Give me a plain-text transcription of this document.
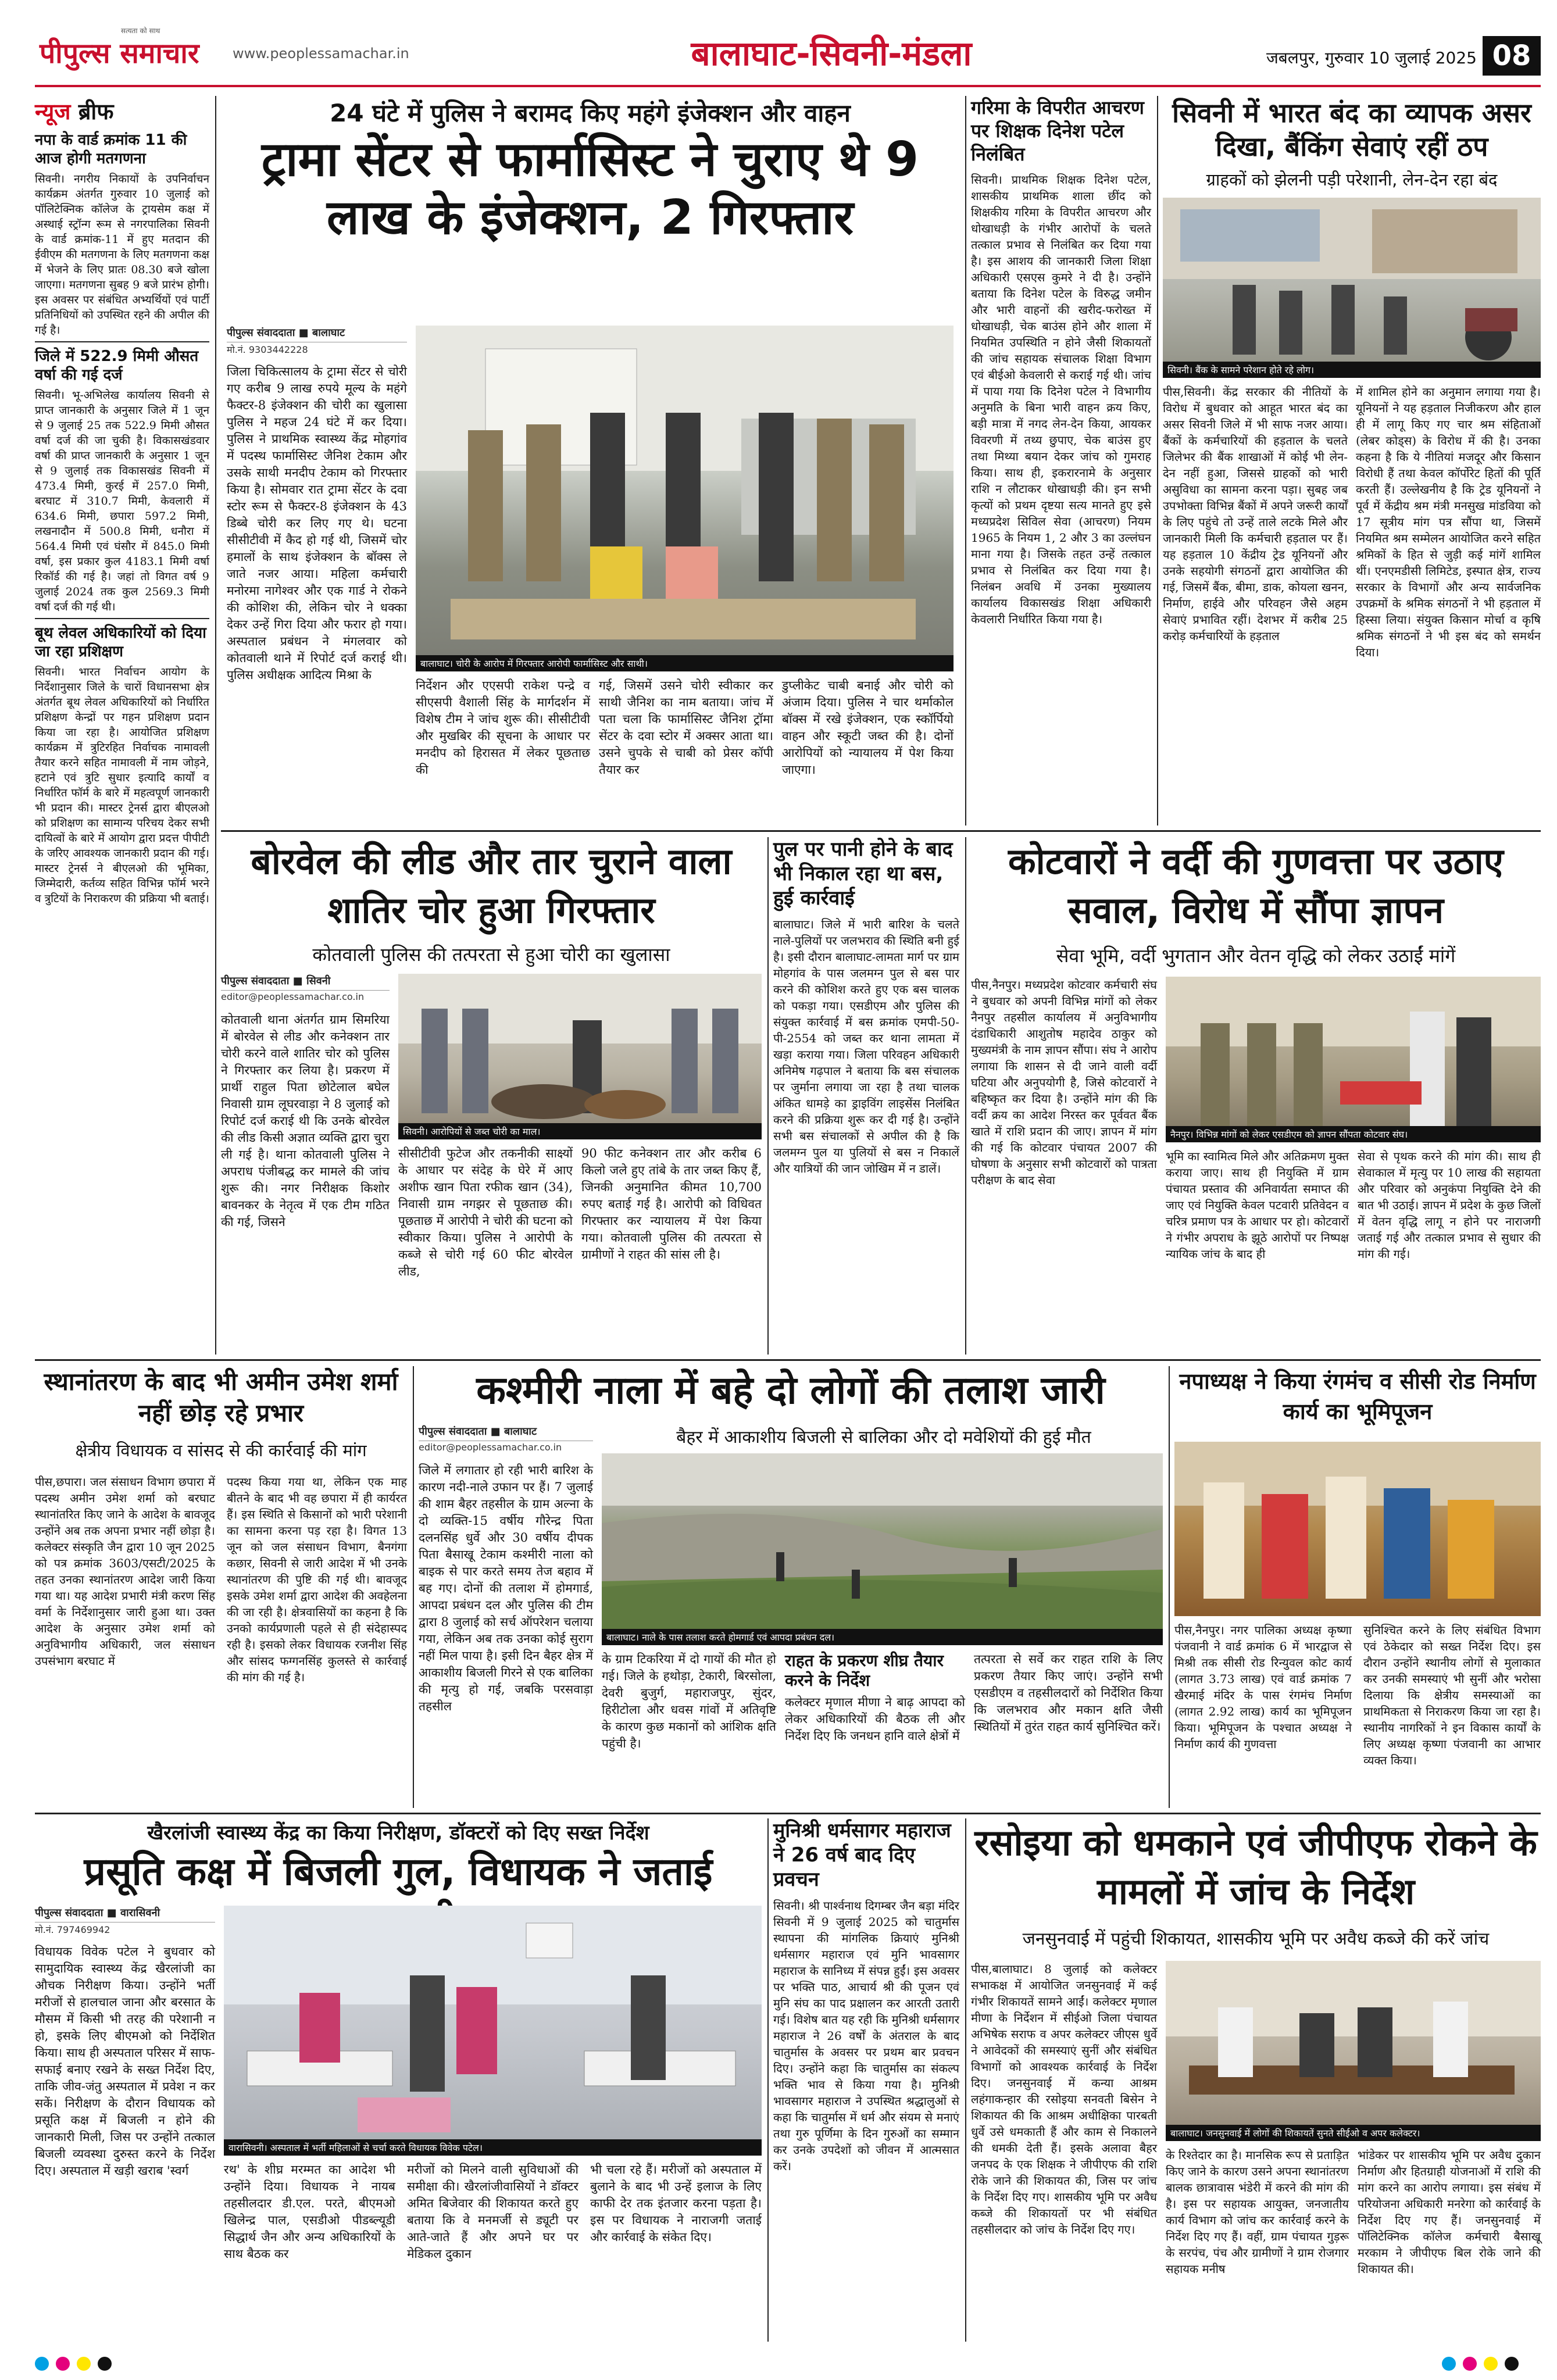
पीपुल्स समाचार
सत्यता को साथ
www.peoplessamachar.in	बालाघाट-सिवनी-मंडला	जबलपुर, गुरुवार 10 जुलाई 2025 08
न्यूज ब्रीफ
नपा के वार्ड क्रमांक 11 की आज होगी मतगणना
सिवनी। नगरीय निकायों के उपनिर्वाचन कार्यक्रम अंतर्गत गुरुवार 10 जुलाई को पॉलिटेक्निक कॉलेज के ट्रायसेम कक्ष में अस्थाई स्ट्रॉन्ग रूम से नगरपालिका सिवनी के वार्ड क्रमांक-11 में हुए मतदान की ईवीएम की मतगणना के लिए मतगणना कक्ष में भेजने के लिए प्रातः 08.30 बजे खोला जाएगा। मतगणना सुबह 9 बजे प्रारंभ होगी। इस अवसर पर संबंधित अभ्यर्थियों एवं पार्टी प्रतिनिधियों को उपस्थित रहने की अपील की गई है।
जिले में 522.9 मिमी औसत वर्षा की गई दर्ज
सिवनी। भू-अभिलेख कार्यालय सिवनी से प्राप्त जानकारी के अनुसार जिले में 1 जून से 9 जुलाई 25 तक 522.9 मिमी औसत वर्षा दर्ज की जा चुकी है। विकासखंडवार वर्षा की प्राप्त जानकारी के अनुसार 1 जून से 9 जुलाई तक विकासखंड सिवनी में 473.4 मिमी, कुरई में 257.0 मिमी, बरघाट में 310.7 मिमी, केवलारी में 634.6 मिमी, छपारा 597.2 मिमी, लखनादौन में 500.8 मिमी, धनौरा में 564.4 मिमी एवं घंसौर में 845.0 मिमी वर्षा, इस प्रकार कुल 4183.1 मिमी वर्षा रिकॉर्ड की गई है। जहां तो विगत वर्ष 9 जुलाई 2024 तक कुल 2569.3 मिमी वर्षा दर्ज की गई थी।
बूथ लेवल अधिकारियों को दिया जा रहा प्रशिक्षण
सिवनी। भारत निर्वाचन आयोग के निर्देशानुसार जिले के चारों विधानसभा क्षेत्र अंतर्गत बूथ लेवल अधिकारियों को निर्धारित प्रशिक्षण केन्द्रों पर गहन प्रशिक्षण प्रदान किया जा रहा है। आयोजित प्रशिक्षण कार्यक्रम में त्रुटिरहित निर्वाचक नामावली तैयार करने सहित नामावली में नाम जोड़ने, हटाने एवं त्रुटि सुधार इत्यादि कार्यों व निर्धारित फॉर्म के बारे में महत्वपूर्ण जानकारी भी प्रदान की। मास्टर ट्रेनर्स द्वारा बीएलओ को प्रशिक्षण का सामान्य परिचय देकर सभी दायित्वों के बारे में आयोग द्वारा प्रदत्त पीपीटी के जरिए आवश्यक जानकारी प्रदान की गई। मास्टर ट्रेनर्स ने बीएलओ की भूमिका, जिम्मेदारी, कर्तव्य सहित विभिन्न फॉर्म भरने व त्रुटियों के निराकरण की प्रक्रिया भी बताई।
24 घंटे में पुलिस ने बरामद किए महंगे इंजेक्शन और वाहन
ट्रामा सेंटर से फार्मासिस्ट ने चुराए थे 9 लाख के इंजेक्शन, 2 गिरफ्तार
पीपुल्स संवाददाता ■ बालाघाट
मो.नं. 9303442228
जिला चिकित्सालय के ट्रामा सेंटर से चोरी गए करीब 9 लाख रुपये मूल्य के महंगे फैक्टर-8 इंजेक्शन की चोरी का खुलासा पुलिस ने महज 24 घंटे में कर दिया। पुलिस ने प्राथमिक स्वास्थ्य केंद्र मोहगांव में पदस्थ फार्मासिस्ट जैनिश टेकाम और उसके साथी मनदीप टेकाम को गिरफ्तार किया है। सोमवार रात ट्रामा सेंटर के दवा स्टोर रूम से फैक्टर-8 इंजेक्शन के 43 डिब्बे चोरी कर लिए गए थे। घटना सीसीटीवी में कैद हो गई थी, जिसमें चोर हमालों के साथ इंजेक्शन के बॉक्स ले जाते नजर आया। महिला कर्मचारी मनोरमा नागेश्वर और एक गार्ड ने रोकने की कोशिश की, लेकिन चोर ने धक्का देकर उन्हें गिरा दिया और फरार हो गया। अस्पताल प्रबंधन ने मंगलवार को कोतवाली थाने में रिपोर्ट दर्ज कराई थी। पुलिस अधीक्षक आदित्य मिश्रा के
बालाघाट। चोरी के आरोप में गिरफ्तार आरोपी फार्मासिस्ट और साथी।
निर्देशन और एएसपी राकेश पन्द्रे व सीएसपी वैशाली सिंह के मार्गदर्शन में विशेष टीम ने जांच शुरू की। सीसीटीवी और मुखबिर की सूचना के आधार पर मनदीप को हिरासत में लेकर पूछताछ की
गई, जिसमें उसने चोरी स्वीकार कर साथी जैनिश का नाम बताया। जांच में पता चला कि फार्मासिस्ट जैनिश ट्रॉमा सेंटर के दवा स्टोर में अक्सर आता था। उसने चुपके से चाबी को प्रेसर कॉपी तैयार कर
डुप्लीकेट चाबी बनाई और चोरी को अंजाम दिया। पुलिस ने चार थर्माकोल बॉक्स में रखे इंजेक्शन, एक स्कॉर्पियो वाहन और स्कूटी जब्त की है। दोनों आरोपियों को न्यायालय में पेश किया जाएगा।
गरिमा के विपरीत आचरण पर शिक्षक दिनेश पटेल निलंबित
सिवनी। प्राथमिक शिक्षक दिनेश पटेल, शासकीय प्राथमिक शाला छींद को शिक्षकीय गरिमा के विपरीत आचरण और धोखाधड़ी के गंभीर आरोपों के चलते तत्काल प्रभाव से निलंबित कर दिया गया है। इस आशय की जानकारी जिला शिक्षा अधिकारी एसएस कुमरे ने दी है। उन्होंने बताया कि दिनेश पटेल के विरुद्ध जमीन और भारी वाहनों की खरीद-फरोख्त में धोखाधड़ी, चेक बाउंस होने और शाला में नियमित उपस्थिति न होने जैसी शिकायतों की जांच सहायक संचालक शिक्षा विभाग एवं बीईओ केवलारी से कराई गई थी। जांच में पाया गया कि दिनेश पटेल ने विभागीय अनुमति के बिना भारी वाहन क्रय किए, बड़ी मात्रा में नगद लेन-देन किया, आयकर विवरणी में तथ्य छुपाए, चेक बाउंस हुए तथा मिथ्या बयान देकर जांच को गुमराह किया। साथ ही, इकरारनामे के अनुसार राशि न लौटाकर धोखाधड़ी की। इन सभी कृत्यों को प्रथम दृष्टया सत्य मानते हुए इसे मध्यप्रदेश सिविल सेवा (आचरण) नियम 1965 के नियम 1, 2 और 3 का उल्लंघन माना गया है। जिसके तहत उन्हें तत्काल प्रभाव से निलंबित कर दिया गया है। निलंबन अवधि में उनका मुख्यालय कार्यालय विकासखंड शिक्षा अधिकारी केवलारी निर्धारित किया गया है।
सिवनी में भारत बंद का व्यापक असर दिखा, बैंकिंग सेवाएं रहीं ठप
ग्राहकों को झेलनी पड़ी परेशानी, लेन-देन रहा बंद
सिवनी। बैंक के सामने परेशान होते रहे लोग।
पीस,सिवनी। केंद्र सरकार की नीतियों के विरोध में बुधवार को आहूत भारत बंद का असर सिवनी जिले में भी साफ नजर आया। बैंकों के कर्मचारियों की हड़ताल के चलते जिलेभर की बैंक शाखाओं में कोई भी लेन-देन नहीं हुआ, जिससे ग्राहकों को भारी असुविधा का सामना करना पड़ा। सुबह जब उपभोक्ता विभिन्न बैंकों में अपने जरूरी कार्यों के लिए पहुंचे तो उन्हें ताले लटके मिले और जानकारी मिली कि कर्मचारी हड़ताल पर हैं। यह हड़ताल 10 केंद्रीय ट्रेड यूनियनों और उनके सहयोगी संगठनों द्वारा आयोजित की गई, जिसमें बैंक, बीमा, डाक, कोयला खनन, निर्माण, हाईवे और परिवहन जैसे अहम सेवाएं प्रभावित रहीं। देशभर में करीब 25 करोड़ कर्मचारियों के हड़ताल
में शामिल होने का अनुमान लगाया गया है। यूनियनों ने यह हड़ताल निजीकरण और हाल ही में लागू किए गए चार श्रम संहिताओं (लेबर कोड्स) के विरोध में की है। उनका कहना है कि ये नीतियां मजदूर और किसान विरोधी हैं तथा केवल कॉर्पोरेट हितों की पूर्ति करती हैं। उल्लेखनीय है कि ट्रेड यूनियनों ने पूर्व में केंद्रीय श्रम मंत्री मनसुख मांडविया को 17 सूत्रीय मांग पत्र सौंपा था, जिसमें नियमित श्रम सम्मेलन आयोजित करने सहित श्रमिकों के हित से जुड़ी कई मांगें शामिल थीं। एनएमडीसी लिमिटेड, इस्पात क्षेत्र, राज्य सरकार के विभागों और अन्य सार्वजनिक उपक्रमों के श्रमिक संगठनों ने भी हड़ताल में हिस्सा लिया। संयुक्त किसान मोर्चा व कृषि श्रमिक संगठनों ने भी इस बंद को समर्थन दिया।
बोरवेल की लीड और तार चुराने वाला शातिर चोर हुआ गिरफ्तार
कोतवाली पुलिस की तत्परता से हुआ चोरी का खुलासा
पीपुल्स संवाददाता ■ सिवनी
editor@peoplessamachar.co.in
कोतवाली थाना अंतर्गत ग्राम सिमरिया में बोरवेल से लीड और कनेक्शन तार चोरी करने वाले शातिर चोर को पुलिस ने गिरफ्तार कर लिया है। प्रकरण में प्रार्थी राहुल पिता छोटेलाल बघेल निवासी ग्राम लूघरवाड़ा ने 8 जुलाई को रिपोर्ट दर्ज कराई थी कि उनके बोरवेल की लीड किसी अज्ञात व्यक्ति द्वारा चुरा ली गई है। थाना कोतवाली पुलिस ने अपराध पंजीबद्ध कर मामले की जांच शुरू की। नगर निरीक्षक किशोर बावनकर के नेतृत्व में एक टीम गठित की गई, जिसने
सिवनी। आरोपियों से जब्त चोरी का माल।
सीसीटीवी फुटेज और तकनीकी साक्ष्यों के आधार पर संदेह के घेरे में आए अशीफ खान पिता रफीक खान (34), निवासी ग्राम नगझर से पूछताछ की। पूछताछ में आरोपी ने चोरी की घटना को स्वीकार किया। पुलिस ने आरोपी के कब्जे से चोरी गई 60 फीट बोरवेल लीड,
90 फीट कनेक्शन तार और करीब 6 किलो जले हुए तांबे के तार जब्त किए हैं, जिनकी अनुमानित कीमत 10,700 रुपए बताई गई है। आरोपी को विधिवत गिरफ्तार कर न्यायालय में पेश किया गया। कोतवाली पुलिस की तत्परता से ग्रामीणों ने राहत की सांस ली है।
पुल पर पानी होने के बाद भी निकाल रहा था बस, हुई कार्रवाई
बालाघाट। जिले में भारी बारिश के चलते नाले-पुलियों पर जलभराव की स्थिति बनी हुई है। इसी दौरान बालाघाट-लामता मार्ग पर ग्राम मोहगांव के पास जलमग्न पुल से बस पार करने की कोशिश करते हुए एक बस चालक को पकड़ा गया। एसडीएम और पुलिस की संयुक्त कार्रवाई में बस क्रमांक एमपी-50-पी-2554 को जब्त कर थाना लामता में खड़ा कराया गया। जिला परिवहन अधिकारी अनिमेष गढ़पाल ने बताया कि बस संचालक पर जुर्माना लगाया जा रहा है तथा चालक अंकित धामड़े का ड्राइविंग लाइसेंस निलंबित करने की प्रक्रिया शुरू कर दी गई है। उन्होंने सभी बस संचालकों से अपील की है कि जलमग्न पुल या पुलियों से बस न निकालें और यात्रियों की जान जोखिम में न डालें।
कोटवारों ने वर्दी की गुणवत्ता पर उठाए सवाल, विरोध में सौंपा ज्ञापन
सेवा भूमि, वर्दी भुगतान और वेतन वृद्धि को लेकर उठाईं मांगें
पीस,नैनपुर। मध्यप्रदेश कोटवार कर्मचारी संघ ने बुधवार को अपनी विभिन्न मांगों को लेकर नैनपुर तहसील कार्यालय में अनुविभागीय दंडाधिकारी आशुतोष महादेव ठाकुर को मुख्यमंत्री के नाम ज्ञापन सौंपा। संघ ने आरोप लगाया कि शासन से दी जाने वाली वर्दी घटिया और अनुपयोगी है, जिसे कोटवारों ने बहिष्कृत कर दिया है। उन्होंने मांग की कि वर्दी क्रय का आदेश निरस्त कर पूर्ववत बैंक खाते में राशि प्रदान की जाए। ज्ञापन में मांग की गई कि कोटवार पंचायत 2007 की घोषणा के अनुसार सभी कोटवारों को पात्रता परीक्षण के बाद सेवा
नैनपुर। विभिन्न मांगों को लेकर एसडीएम को ज्ञापन सौंपता कोटवार संघ।
भूमि का स्वामित्व मिले और अतिक्रमण मुक्त कराया जाए। साथ ही नियुक्ति में ग्राम पंचायत प्रस्ताव की अनिवार्यता समाप्त की जाए एवं नियुक्ति केवल पटवारी प्रतिवेदन व चरित्र प्रमाण पत्र के आधार पर हो। कोटवारों ने गंभीर अपराध के झूठे आरोपों पर निष्पक्ष न्यायिक जांच के बाद ही
सेवा से पृथक करने की मांग की। साथ ही सेवाकाल में मृत्यु पर 10 लाख की सहायता और परिवार को अनुकंपा नियुक्ति देने की बात भी उठाई। ज्ञापन में प्रदेश के कुछ जिलों में वेतन वृद्धि लागू न होने पर नाराजगी जताई गई और तत्काल प्रभाव से सुधार की मांग की गई।
स्थानांतरण के बाद भी अमीन उमेश शर्मा नहीं छोड़ रहे प्रभार
क्षेत्रीय विधायक व सांसद से की कार्रवाई की मांग
पीस,छपारा। जल संसाधन विभाग छपारा में पदस्थ अमीन उमेश शर्मा को बरघाट स्थानांतरित किए जाने के आदेश के बावजूद उन्होंने अब तक अपना प्रभार नहीं छोड़ा है। कलेक्टर संस्कृति जैन द्वारा 10 जून 2025 को पत्र क्रमांक 3603/एसटी/2025 के तहत उनका स्थानांतरण आदेश जारी किया गया था। यह आदेश प्रभारी मंत्री करण सिंह वर्मा के निर्देशानुसार जारी हुआ था। उक्त आदेश के अनुसार उमेश शर्मा को अनुविभागीय अधिकारी, जल संसाधन उपसंभाग बरघाट में
पदस्थ किया गया था, लेकिन एक माह बीतने के बाद भी वह छपारा में ही कार्यरत हैं। इस स्थिति से किसानों को भारी परेशानी का सामना करना पड़ रहा है। विगत 13 जून को जल संसाधन विभाग, बैनगंगा कछार, सिवनी से जारी आदेश में भी उनके स्थानांतरण की पुष्टि की गई थी। बावजूद इसके उमेश शर्मा द्वारा आदेश की अवहेलना की जा रही है। क्षेत्रवासियों का कहना है कि उनको कार्यप्रणाली पहले से ही संदेहास्पद रही है। इसको लेकर विधायक रजनीश सिंह और सांसद फग्गनसिंह कुलस्ते से कार्रवाई की मांग की गई है।
कश्मीरी नाला में बहे दो लोगों की तलाश जारी
पीपुल्स संवाददाता ■ बालाघाट
editor@peoplessamachar.co.in	बैहर में आकाशीय बिजली से बालिका और दो मवेशियों की हुई मौत
जिले में लगातार हो रही भारी बारिश के कारण नदी-नाले उफान पर हैं। 7 जुलाई की शाम बैहर तहसील के ग्राम अल्ना के दो व्यक्ति-15 वर्षीय गौरेन्द्र पिता दलनसिंह धुर्वे और 30 वर्षीय दीपक पिता बैसाखू टेकाम कश्मीरी नाला को बाइक से पार करते समय तेज बहाव में बह गए। दोनों की तलाश में होमगार्ड, आपदा प्रबंधन दल और पुलिस की टीम द्वारा 8 जुलाई को सर्च ऑपरेशन चलाया गया, लेकिन अब तक उनका कोई सुराग नहीं मिल पाया है। इसी दिन बैहर क्षेत्र में आकाशीय बिजली गिरने से एक बालिका की मृत्यु हो गई, जबकि परसवाड़ा तहसील
बालाघाट। नाले के पास तलाश करते होमगार्ड एवं आपदा प्रबंधन दल।
के ग्राम टिकरिया में दो गायों की मौत हो गई। जिले के हथोड़ा, टेकारी, बिरसोला, देवरी बुजुर्ग, महाराजपुर, सुंदर, हिरीटोला और धवस गांवों में अतिवृष्टि के कारण कुछ मकानों को आंशिक क्षति पहुंची है।
राहत के प्रकरण शीघ्र तैयार करने के निर्देश
कलेक्टर मृणाल मीणा ने बाढ़ आपदा को लेकर अधिकारियों की बैठक ली और निर्देश दिए कि जनधन हानि वाले क्षेत्रों में
तत्परता से सर्वे कर राहत राशि के लिए प्रकरण तैयार किए जाएं। उन्होंने सभी एसडीएम व तहसीलदारों को निर्देशित किया कि जलभराव और मकान क्षति जैसी स्थितियों में तुरंत राहत कार्य सुनिश्चित करें।
नपाध्यक्ष ने किया रंगमंच व सीसी रोड निर्माण कार्य का भूमिपूजन
पीस,नैनपुर। नगर पालिका अध्यक्ष कृष्णा पंजवानी ने वार्ड क्रमांक 6 में भारद्वाज से मिश्री तक सीसी रोड रिन्युवल कोट कार्य (लागत 3.73 लाख) एवं वार्ड क्रमांक 7 खैरमाई मंदिर के पास रंगमंच निर्माण (लागत 2.92 लाख) कार्य का भूमिपूजन किया। भूमिपूजन के पश्चात अध्यक्ष ने निर्माण कार्य की गुणवत्ता
सुनिश्चित करने के लिए संबंधित विभाग एवं ठेकेदार को सख्त निर्देश दिए। इस दौरान उन्होंने स्थानीय लोगों से मुलाकात कर उनकी समस्याएं भी सुनीं और भरोसा दिलाया कि क्षेत्रीय समस्याओं का प्राथमिकता से निराकरण किया जा रहा है। स्थानीय नागरिकों ने इन विकास कार्यों के लिए अध्यक्ष कृष्णा पंजवानी का आभार व्यक्त किया।
खैरलांजी स्वास्थ्य केंद्र का किया निरीक्षण, डॉक्टरों को दिए सख्त निर्देश
प्रसूति कक्ष में बिजली गुल, विधायक ने जताई
पीपुल्स संवाददाता ■ वारासिवनी
मो.नं. 797469942
विधायक विवेक पटेल ने बुधवार को सामुदायिक स्वास्थ्य केंद्र खैरलांजी का औचक निरीक्षण किया। उन्होंने भर्ती मरीजों से हालचाल जाना और बरसात के मौसम में किसी भी तरह की परेशानी न हो, इसके लिए बीएमओ को निर्देशित किया। साथ ही अस्पताल परिसर में साफ-सफाई बनाए रखने के सख्त निर्देश दिए, ताकि जीव-जंतु अस्पताल में प्रवेश न कर सकें। निरीक्षण के दौरान विधायक को प्रसूति कक्ष में बिजली न होने की जानकारी मिली, जिस पर उन्होंने तत्काल बिजली व्यवस्था दुरुस्त करने के निर्देश दिए। अस्पताल में खड़ी खराब 'स्वर्ग
वारासिवनी। अस्पताल में भर्ती महिलाओं से चर्चा करते विधायक विवेक पटेल।
रथ' के शीघ्र मरम्मत का आदेश भी उन्होंने दिया। विधायक ने नायब तहसीलदार डी.एल. परते, बीएमओ खिलेन्द्र पाल, एसडीओ पीडब्ल्यूडी सिद्धार्थ जैन और अन्य अधिकारियों के साथ बैठक कर
मरीजों को मिलने वाली सुविधाओं की समीक्षा की। खैरलांजीवासियों ने डॉक्टर अमित बिजेवार की शिकायत करते हुए बताया कि वे मनमर्जी से ड्यूटी पर आते-जाते हैं और अपने घर पर मेडिकल दुकान
भी चला रहे हैं। मरीजों को अस्पताल में बुलाने के बाद भी उन्हें इलाज के लिए काफी देर तक इंतजार करना पड़ता है। इस पर विधायक ने नाराजगी जताई और कार्रवाई के संकेत दिए।
मुनिश्री धर्मसागर महाराज ने 26 वर्ष बाद दिए प्रवचन
सिवनी। श्री पार्श्वनाथ दिगम्बर जैन बड़ा मंदिर सिवनी में 9 जुलाई 2025 को चातुर्मास स्थापना की मांगलिक क्रियाएं मुनिश्री धर्मसागर महाराज एवं मुनि भावसागर महाराज के सानिध्य में संपन्न हुईं। इस अवसर पर भक्ति पाठ, आचार्य श्री की पूजन एवं मुनि संघ का पाद प्रक्षालन कर आरती उतारी गई। विशेष बात यह रही कि मुनिश्री धर्मसागर महाराज ने 26 वर्षों के अंतराल के बाद चातुर्मास के अवसर पर प्रथम बार प्रवचन दिए। उन्होंने कहा कि चातुर्मास का संकल्प भक्ति भाव से किया गया है। मुनिश्री भावसागर महाराज ने उपस्थित श्रद्धालुओं से कहा कि चातुर्मास में धर्म और संयम से मनाएं तथा गुरु पूर्णिमा के दिन गुरुओं का सम्मान कर उनके उपदेशों को जीवन में आत्मसात करें।
रसोइया को धमकाने एवं जीपीएफ रोकने के मामलों में जांच के निर्देश
जनसुनवाई में पहुंची शिकायत, शासकीय भूमि पर अवैध कब्जे की करें जांच
पीस,बालाघाट। 8 जुलाई को कलेक्टर सभाकक्ष में आयोजित जनसुनवाई में कई गंभीर शिकायतें सामने आईं। कलेक्टर मृणाल मीणा के निर्देशन में सीईओ जिला पंचायत अभिषेक सराफ व अपर कलेक्टर जीएस धुर्वे ने आवेदकों की समस्याएं सुनीं और संबंधित विभागों को आवश्यक कार्रवाई के निर्देश दिए। जनसुनवाई में कन्या आश्रम लहंगाकन्हार की रसोइया सनवती बिसेन ने शिकायत की कि आश्रम अधीक्षिका पारबती धुर्वे उसे धमकाती हैं और काम से निकालने की धमकी देती हैं। इसके अलावा बैहर जनपद के एक शिक्षक ने जीपीएफ की राशि रोके जाने की शिकायत की, जिस पर जांच के निर्देश दिए गए। शासकीय भूमि पर अवैध कब्जे की शिकायतों पर भी संबंधित तहसीलदार को जांच के निर्देश दिए गए।
बालाघाट। जनसुनवाई में लोगों की शिकायतें सुनते सीईओ व अपर कलेक्टर।
के रिश्तेदार का है। मानसिक रूप से प्रताड़ित किए जाने के कारण उसने अपना स्थानांतरण बालक छात्रावास भंडेरी में करने की मांग की है। इस पर सहायक आयुक्त, जनजातीय कार्य विभाग को जांच कर कार्रवाई करने के निर्देश दिए गए हैं। वहीं, ग्राम पंचायत गुड़रू के सरपंच, पंच और ग्रामीणों ने ग्राम रोजगार सहायक मनीष
भांडेकर पर शासकीय भूमि पर अवैध दुकान निर्माण और हितग्राही योजनाओं में राशि की मांग करने का आरोप लगाया। इस संबंध में परियोजना अधिकारी मनरेगा को कार्रवाई के निर्देश दिए गए हैं। जनसुनवाई में पॉलिटेक्निक कॉलेज कर्मचारी बैसाखू मरकाम ने जीपीएफ बिल रोके जाने की शिकायत की।
